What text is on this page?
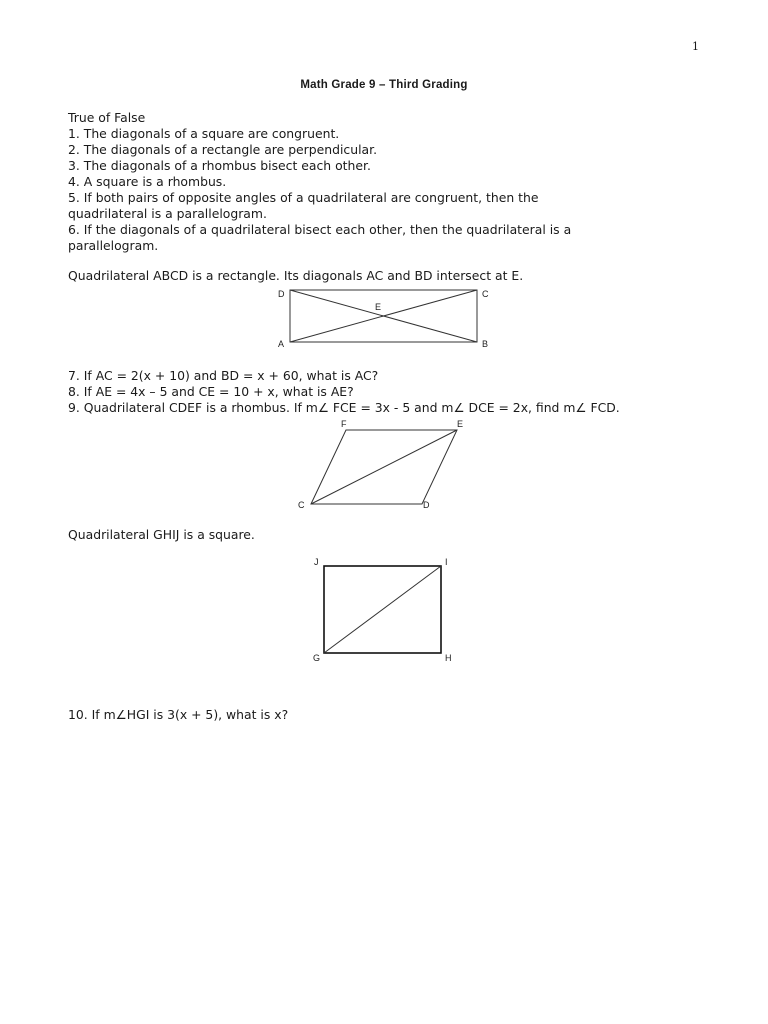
1
Math Grade 9 – Third Grading
True of False
1. The diagonals of a square are congruent.
2. The diagonals of a rectangle are perpendicular.
3. The diagonals of a rhombus bisect each other.
4. A square is a rhombus.
5. If both pairs of opposite angles of a quadrilateral are congruent, then the
quadrilateral is a parallelogram.
6. If the diagonals of a quadrilateral bisect each other, then the quadrilateral is a
parallelogram.
Quadrilateral ABCD is a rectangle. Its diagonals AC and BD intersect at E.
D	C
E
A	B
7. If AC = 2(x + 10) and BD = x + 60, what is AC?
8. If AE = 4x – 5 and CE = 10 + x, what is AE?
9. Quadrilateral CDEF is a rhombus. If m∠ FCE = 3x - 5 and m∠ DCE = 2x, find m∠ FCD.
F	E
C	D
Quadrilateral GHIJ is a square.
J	I
G	H
10. If m∠HGI is 3(x + 5), what is x?
